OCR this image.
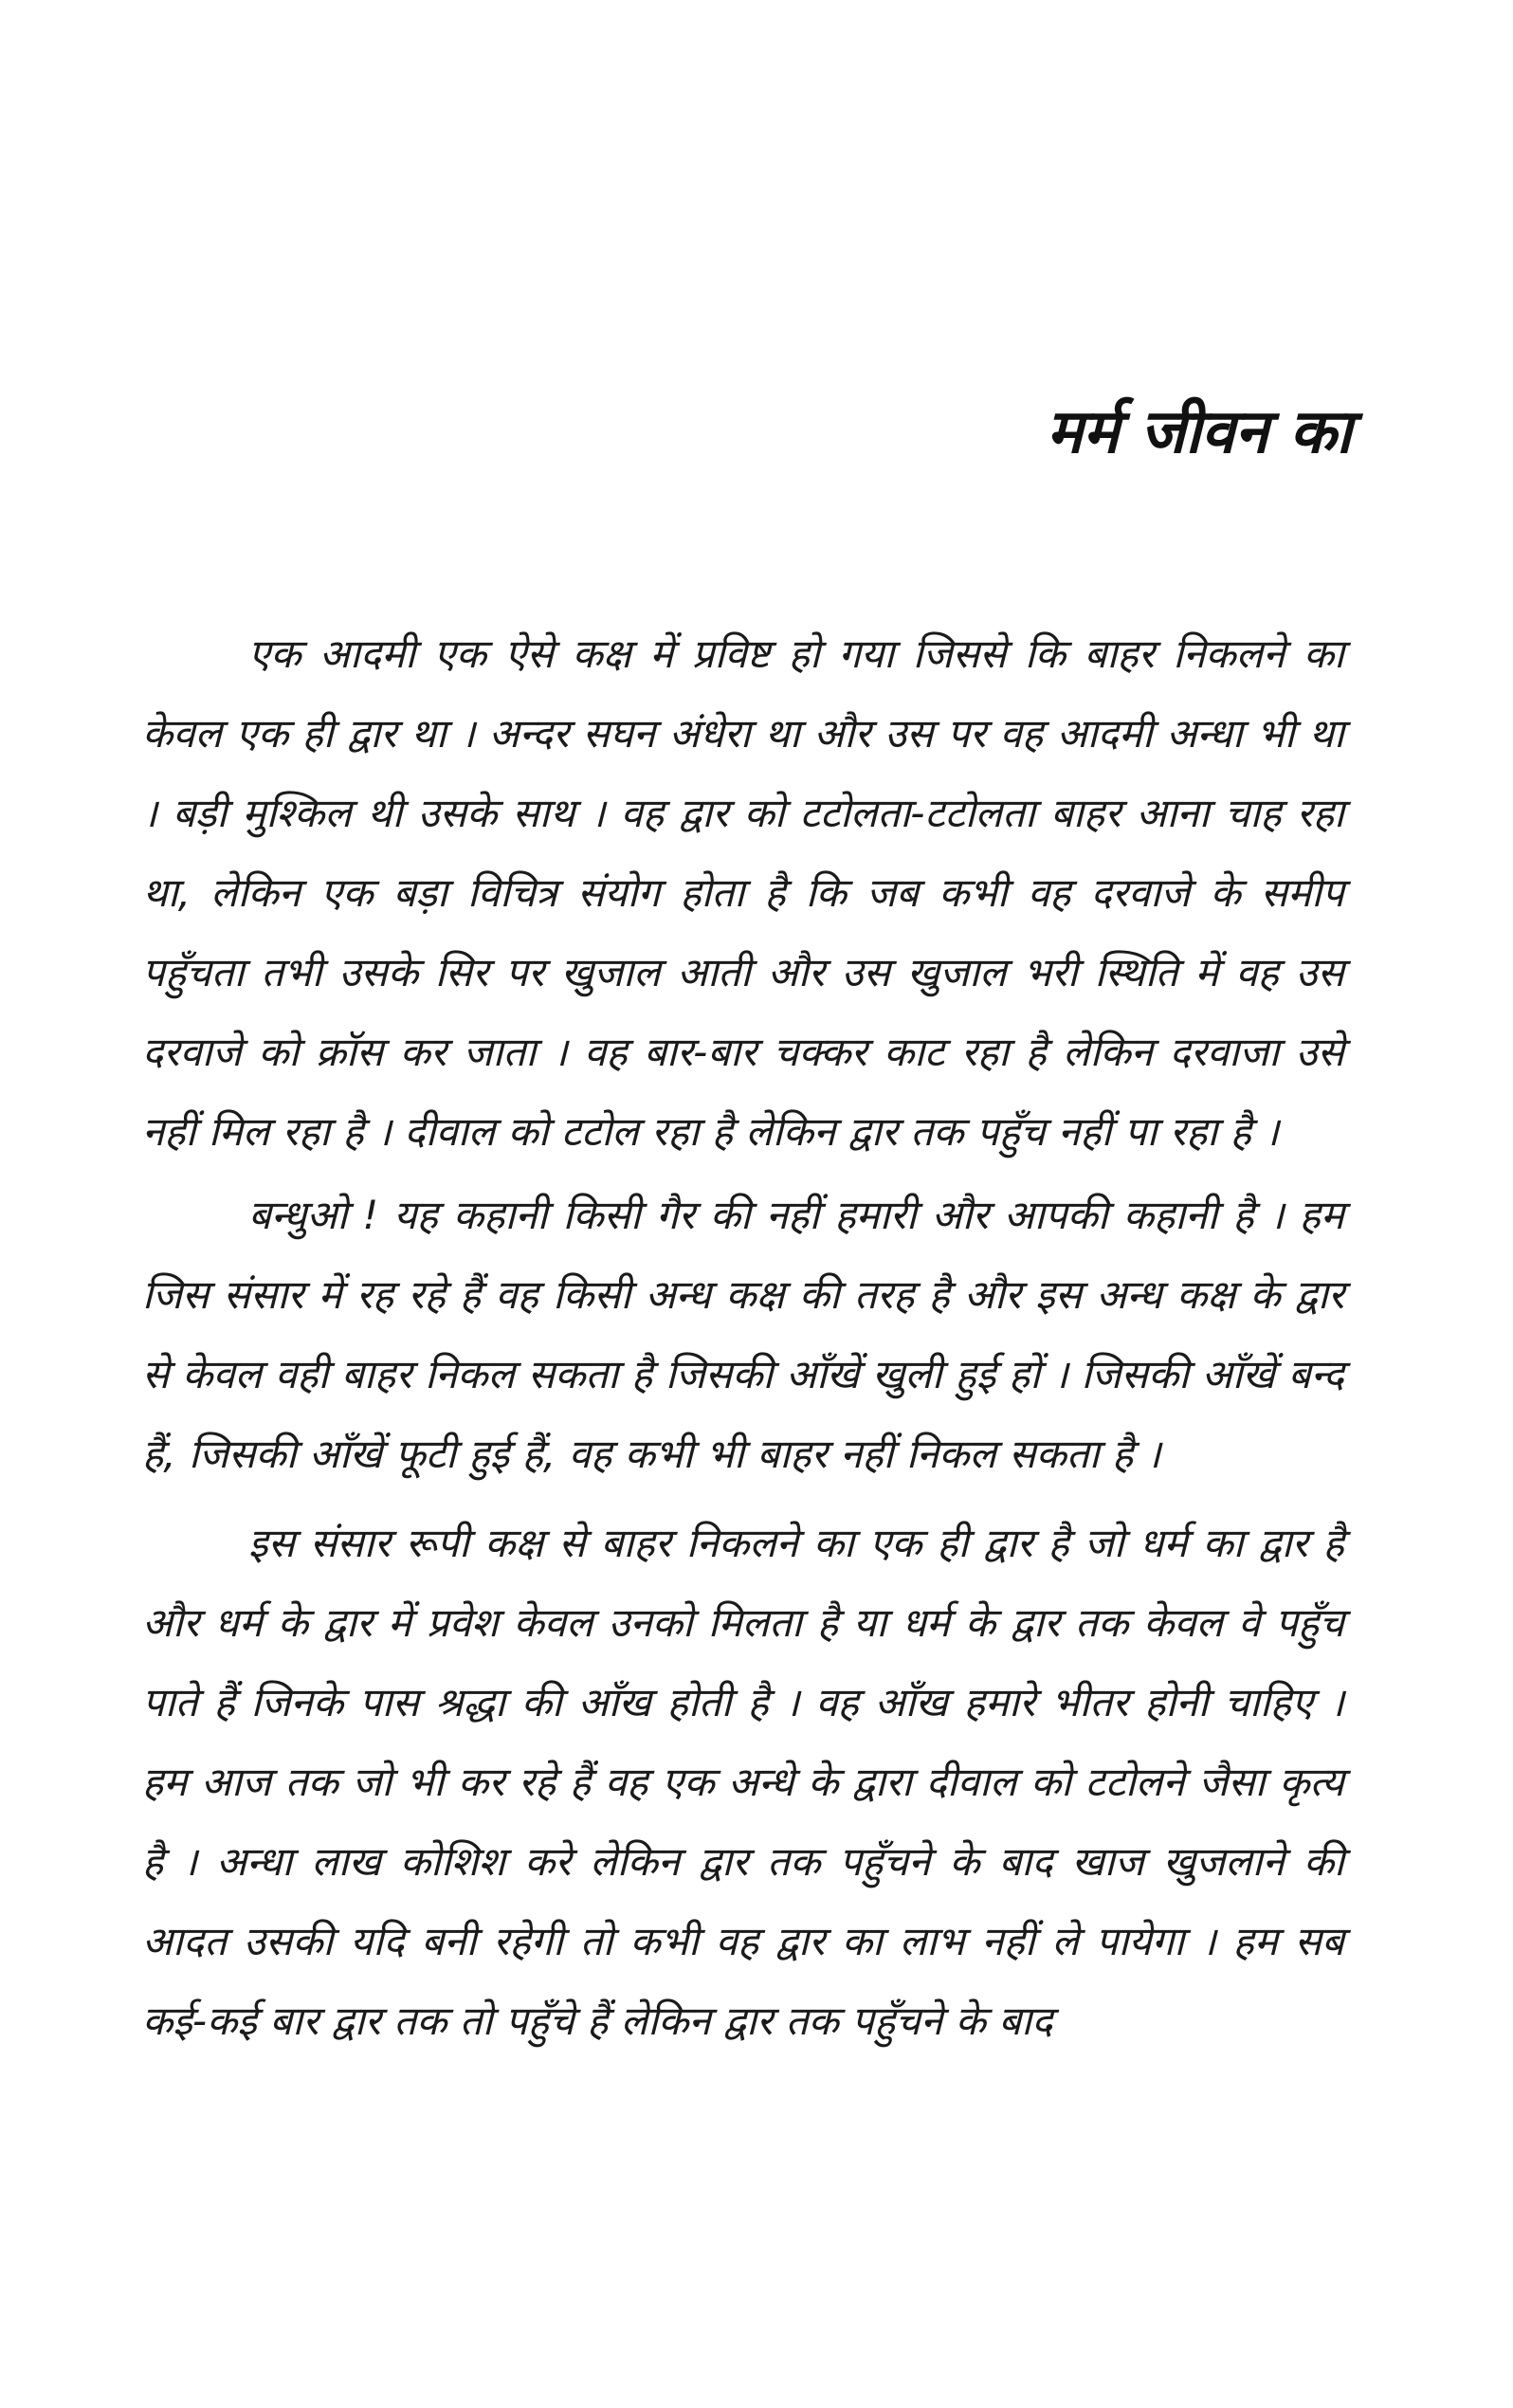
मर्म जीवन का

एक आदमी एक ऐसे कक्ष में प्रविष्ट हो गया जिससे कि बाहर निकलने का केवल एक ही द्वार था । अन्दर सघन अंधेरा था और उस पर वह आदमी अन्धा भी था । बड़ी मुश्किल थी उसके साथ । वह द्वार को टटोलता-टटोलता बाहर आना चाह रहा था, लेकिन एक बड़ा विचित्र संयोग होता है कि जब कभी वह दरवाजे के समीप पहुँचता तभी उसके सिर पर खुजाल आती और उस खुजाल भरी स्थिति में वह उस दरवाजे को क्रॉस कर जाता । वह बार-बार चक्कर काट रहा है लेकिन दरवाजा उसे नहीं मिल रहा है । दीवाल को टटोल रहा है लेकिन द्वार तक पहुँच नहीं पा रहा है ।

बन्धुओ ! यह कहानी किसी गैर की नहीं हमारी और आपकी कहानी है । हम जिस संसार में रह रहे हैं वह किसी अन्ध कक्ष की तरह है और इस अन्ध कक्ष के द्वार से केवल वही बाहर निकल सकता है जिसकी आँखें खुली हुई हों । जिसकी आँखें बन्द हैं, जिसकी आँखें फूटी हुई हैं, वह कभी भी बाहर नहीं निकल सकता है ।

इस संसार रूपी कक्ष से बाहर निकलने का एक ही द्वार है जो धर्म का द्वार है और धर्म के द्वार में प्रवेश केवल उनको मिलता है या धर्म के द्वार तक केवल वे पहुँच पाते हैं जिनके पास श्रद्धा की आँख होती है । वह आँख हमारे भीतर होनी चाहिए । हम आज तक जो भी कर रहे हैं वह एक अन्धे के द्वारा दीवाल को टटोलने जैसा कृत्य है । अन्धा लाख कोशिश करे लेकिन द्वार तक पहुँचने के बाद खाज खुजलाने की आदत उसकी यदि बनी रहेगी तो कभी वह द्वार का लाभ नहीं ले पायेगा । हम सब कई-कई बार द्वार तक तो पहुँचे हैं लेकिन द्वार तक पहुँचने के बाद
